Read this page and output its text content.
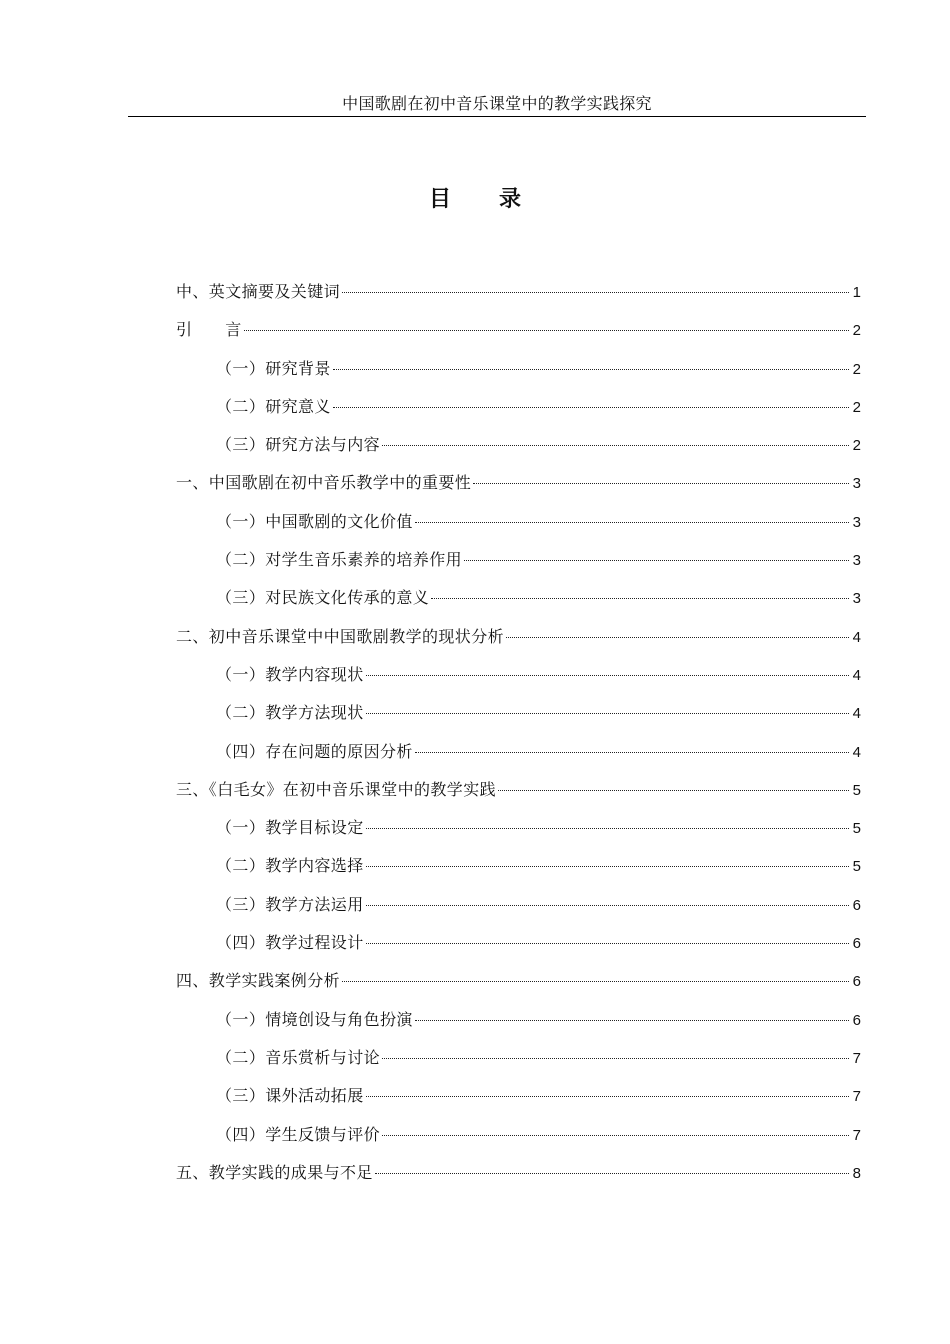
中国歌剧在初中音乐课堂中的教学实践探究
目 录
中、英文摘要及关键词	1
引　　言	2
（一）研究背景	2
（二）研究意义	2
（三）研究方法与内容	2
一、中国歌剧在初中音乐教学中的重要性	3
（一）中国歌剧的文化价值	3
（二）对学生音乐素养的培养作用	3
（三）对民族文化传承的意义	3
二、初中音乐课堂中中国歌剧教学的现状分析	4
（一）教学内容现状	4
（二）教学方法现状	4
（四）存在问题的原因分析	4
三、《白毛女》在初中音乐课堂中的教学实践	5
（一）教学目标设定	5
（二）教学内容选择	5
（三）教学方法运用	6
（四）教学过程设计	6
四、教学实践案例分析	6
（一）情境创设与角色扮演	6
（二）音乐赏析与讨论	7
（三）课外活动拓展	7
（四）学生反馈与评价	7
五、教学实践的成果与不足	8
